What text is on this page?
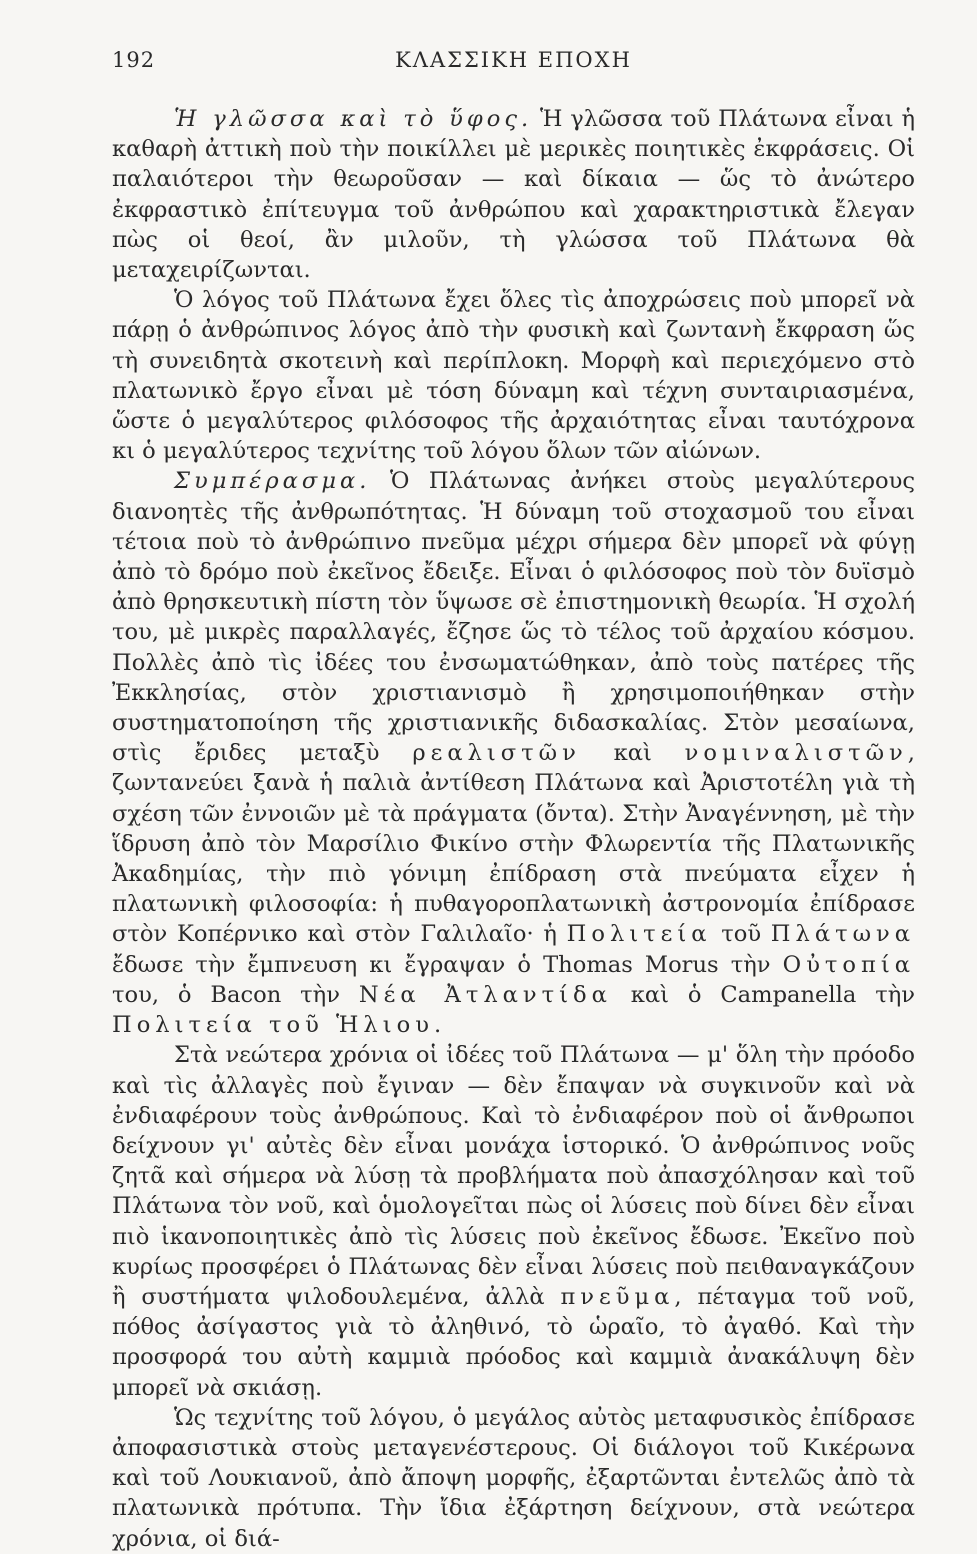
192	ΚΛΑΣΣΙΚΗ ΕΠΟΧΗ

Ἡ γλῶσσα καὶ τὸ ὕφος. Ἡ γλῶσσα τοῦ Πλάτωνα εἶναι ἡ καθαρὴ ἀττικὴ ποὺ τὴν ποικίλλει μὲ μερικὲς ποιητικὲς ἐκφράσεις. Οἱ παλαιότεροι τὴν θεωροῦσαν — καὶ δίκαια — ὥς τὸ ἀνώτερο ἐκφραστικὸ ἐπίτευγμα τοῦ ἀνθρώπου καὶ χαρακτηριστικὰ ἔλεγαν πὼς οἱ θεοί, ἂν μιλοῦν, τὴ γλώσσα τοῦ Πλάτωνα θὰ μεταχειρίζωνται.

Ὁ λόγος τοῦ Πλάτωνα ἔχει ὅλες τὶς ἀποχρώσεις ποὺ μπορεῖ νὰ πάρῃ ὁ ἀνθρώπινος λόγος ἀπὸ τὴν φυσικὴ καὶ ζωντανὴ ἔκφραση ὥς τὴ συνειδητὰ σκοτεινὴ καὶ περίπλοκη. Μορφὴ καὶ περιεχόμενο στὸ πλατωνικὸ ἔργο εἶναι μὲ τόση δύναμη καὶ τέχνη συνταιριασμένα, ὥστε ὁ μεγαλύτερος φιλόσοφος τῆς ἀρχαιότητας εἶναι ταυτόχρονα κι ὁ μεγαλύτερος τεχνίτης τοῦ λόγου ὅλων τῶν αἰώνων.

Συμπέρασμα. Ὁ Πλάτωνας ἀνήκει στοὺς μεγαλύτερους διανοητὲς τῆς ἀνθρωπότητας. Ἡ δύναμη τοῦ στοχασμοῦ του εἶναι τέτοια ποὺ τὸ ἀνθρώπινο πνεῦμα μέχρι σήμερα δὲν μπορεῖ νὰ φύγῃ ἀπὸ τὸ δρόμο ποὺ ἐκεῖνος ἔδειξε. Εἶναι ὁ φιλόσοφος ποὺ τὸν δυϊσμὸ ἀπὸ θρησκευτικὴ πίστη τὸν ὕψωσε σὲ ἐπιστημονικὴ θεωρία. Ἡ σχολή του, μὲ μικρὲς παραλλαγές, ἔζησε ὥς τὸ τέλος τοῦ ἀρχαίου κόσμου. Πολλὲς ἀπὸ τὶς ἰδέες του ἐνσωματώθηκαν, ἀπὸ τοὺς πατέρες τῆς Ἐκκλησίας, στὸν χριστιανισμὸ ἢ χρησιμοποιήθηκαν στὴν συστηματοποίηση τῆς χριστιανικῆς διδασκαλίας. Στὸν μεσαίωνα, στὶς ἔριδες μεταξὺ ρεαλιστῶν καὶ νομιναλιστῶν, ζωντανεύει ξανὰ ἡ παλιὰ ἀντίθεση Πλάτωνα καὶ Ἀριστοτέλη γιὰ τὴ σχέση τῶν ἐννοιῶν μὲ τὰ πράγματα (ὄντα). Στὴν Ἀναγέννηση, μὲ τὴν ἵδρυση ἀπὸ τὸν Μαρσίλιο Φικίνο στὴν Φλωρεντία τῆς Πλατωνικῆς Ἀκαδημίας, τὴν πιὸ γόνιμη ἐπίδραση στὰ πνεύματα εἶχεν ἡ πλατωνικὴ φιλοσοφία: ἡ πυθαγοροπλατωνικὴ ἀστρονομία ἐπίδρασε στὸν Κοπέρνικο καὶ στὸν Γαλιλαῖο· ἡ Πολιτεία τοῦ Πλάτωνα ἔδωσε τὴν ἔμπνευση κι ἔγραψαν ὁ Thomas Morus τὴν Οὐτοπία του, ὁ Bacon τὴν Νέα Ἀτλαντίδα καὶ ὁ Campanella τὴν Πολιτεία τοῦ Ἡλιου.

Στὰ νεώτερα χρόνια οἱ ἰδέες τοῦ Πλάτωνα — μ' ὅλη τὴν πρόοδο καὶ τὶς ἀλλαγὲς ποὺ ἔγιναν — δὲν ἔπαψαν νὰ συγκινοῦν καὶ νὰ ἐνδιαφέρουν τοὺς ἀνθρώπους. Καὶ τὸ ἐνδιαφέρον ποὺ οἱ ἄνθρωποι δείχνουν γι' αὐτὲς δὲν εἶναι μονάχα ἱστορικό. Ὁ ἀνθρώπινος νοῦς ζητᾶ καὶ σήμερα νὰ λύσῃ τὰ προβλήματα ποὺ ἀπασχόλησαν καὶ τοῦ Πλάτωνα τὸν νοῦ, καὶ ὁμολογεῖται πὼς οἱ λύσεις ποὺ δίνει δὲν εἶναι πιὸ ἱκανοποιητικὲς ἀπὸ τὶς λύσεις ποὺ ἐκεῖνος ἔδωσε. Ἐκεῖνο ποὺ κυρίως προσφέρει ὁ Πλάτωνας δὲν εἶναι λύσεις ποὺ πειθαναγκάζουν ἢ συστήματα ψιλοδουλεμένα, ἀλλὰ πνεῦμα, πέταγμα τοῦ νοῦ, πόθος ἀσίγαστος γιὰ τὸ ἀληθινό, τὸ ὡραῖο, τὸ ἀγαθό. Καὶ τὴν προσφορά του αὐτὴ καμμιὰ πρόοδος καὶ καμμιὰ ἀνακάλυψη δὲν μπορεῖ νὰ σκιάσῃ.

Ὡς τεχνίτης τοῦ λόγου, ὁ μεγάλος αὐτὸς μεταφυσικὸς ἐπίδρασε ἀποφασιστικὰ στοὺς μεταγενέστερους. Οἱ διάλογοι τοῦ Κικέρωνα καὶ τοῦ Λουκιανοῦ, ἀπὸ ἄποψη μορφῆς, ἐξαρτῶνται ἐντελῶς ἀπὸ τὰ πλατωνικὰ πρότυπα. Τὴν ἴδια ἐξάρτηση δείχνουν, στὰ νεώτερα χρόνια, οἱ διά-
